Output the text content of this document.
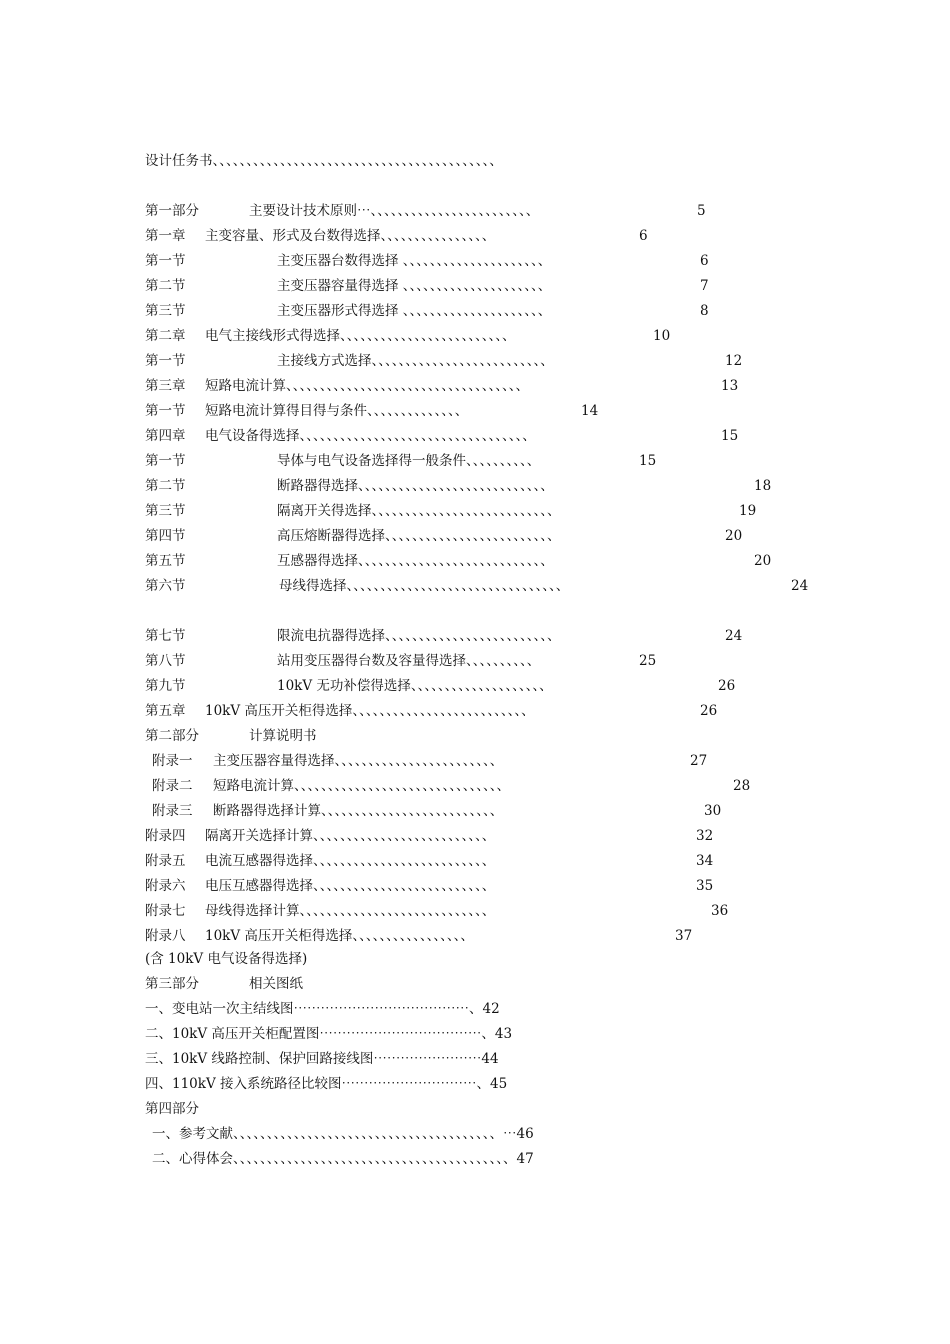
设计任务书、、、、、、、、、、、、、、、、、、、、、、、、、、、、、、、、、、、、、、、、、、
第一部分	主要设计技术原则⋯、、、、、、、、、、、、、、、、、、、、、、、、	5
第一章 主变容量、形式及台数得选择、、、、、、、、、、、、、、、、	6
第一节	主变压器台数得选择 、、、、、、、、、、、、、、、、、、、、、	6
第二节	主变压器容量得选择 、、、、、、、、、、、、、、、、、、、、、	7
第三节	主变压器形式得选择 、、、、、、、、、、、、、、、、、、、、、	8
第二章 电气主接线形式得选择、、、、、、、、、、、、、、、、、、、、、、、、、	10
第一节	主接线方式选择、、、、、、、、、、、、、、、、、、、、、、、、、、	12
第三章 短路电流计算、、、、、、、、、、、、、、、、、、、、、、、、、、、、、、、、、、、	13
第一节 短路电流计算得目得与条件、、、、、、、、、、、、、、	14
第四章 电气设备得选择、、、、、、、、、、、、、、、、、、、、、、、、、、、、、、、、、、	15
第一节	导体与电气设备选择得一般条件、、、、、、、、、、	15
第二节	断路器得选择、、、、、、、、、、、、、、、、、、、、、、、、、、、、	18
第三节	隔离开关得选择、、、、、、、、、、、、、、、、、、、、、、、、、、、	19
第四节	高压熔断器得选择、、、、、、、、、、、、、、、、、、、、、、、、、	20
第五节	互感器得选择、、、、、、、、、、、、、、、、、、、、、、、、、、、、	20
第六节	母线得选择、、、、、、、、、、、、、、、、、、、、、、、、、、、、、、、、	24
第七节	限流电抗器得选择、、、、、、、、、、、、、、、、、、、、、、、、、	24
第八节	站用变压器得台数及容量得选择、、、、、、、、、、	25
第九节	10kV 无功补偿得选择、、、、、、、、、、、、、、、、、、、、	26
第五章 10kV 高压开关柜得选择、、、、、、、、、、、、、、、、、、、、、、、、、、	26
第二部分	计算说明书
附录一 主变压器容量得选择、、、、、、、、、、、、、、、、、、、、、、、、	27
附录二 短路电流计算、、、、、、、、、、、、、、、、、、、、、、、、、、、、、、、	28
附录三 断路器得选择计算、、、、、、、、、、、、、、、、、、、、、、、、、、	30
附录四 隔离开关选择计算、、、、、、、、、、、、、、、、、、、、、、、、、、	32
附录五 电流互感器得选择、、、、、、、、、、、、、、、、、、、、、、、、、、	34
附录六 电压互感器得选择、、、、、、、、、、、、、、、、、、、、、、、、、、	35
附录七 母线得选择计算、、、、、、、、、、、、、、、、、、、、、、、、、、、、	36
附录八 10kV 高压开关柜得选择、、、、、、、、、、、、、、、、、	37
(含 10kV 电气设备得选择)
第三部分	相关图纸
一、变电站一次主结线图⋯⋯⋯⋯⋯⋯⋯⋯⋯⋯⋯⋯⋯、42
二、10kV 高压开关柜配置图⋯⋯⋯⋯⋯⋯⋯⋯⋯⋯⋯⋯、43
三、10kV 线路控制、保护回路接线图⋯⋯⋯⋯⋯⋯⋯⋯44
四、110kV 接入系统路径比较图⋯⋯⋯⋯⋯⋯⋯⋯⋯⋯、45
第四部分
一、参考文献、、、、、、、、、、、、、、、、、、、、、、、、、、、、、、、、、、、、、、、⋯46
二、心得体会、、、、、、、、、、、、、、、、、、、、、、、、、、、、、、、、、、、、、、、、、47
